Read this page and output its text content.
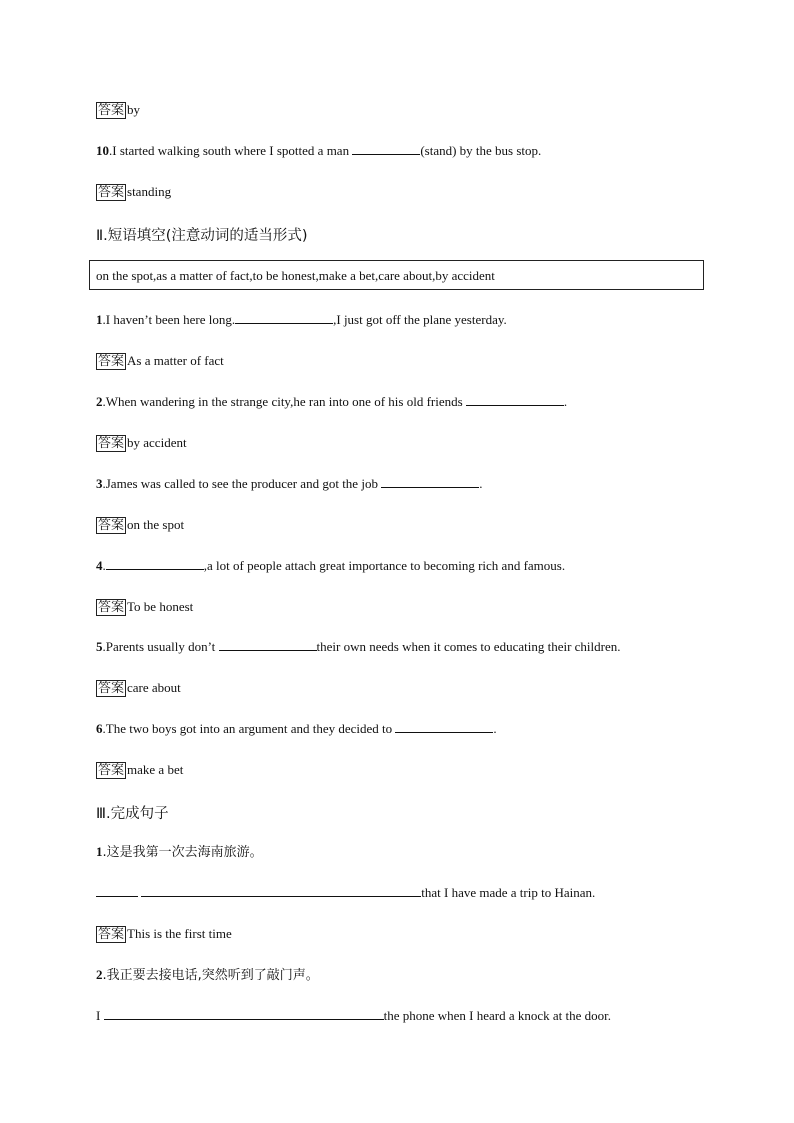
答案 by
10.I started walking south where I spotted a man	(stand) by the bus stop.
答案 standing
Ⅱ.短语填空(注意动词的适当形式)
on the spot,as a matter of fact,to be honest,make a bet,care about,by accident
1.I haven’t been here long.	,I just got off the plane yesterday.
答案 As a matter of fact
2.When wandering in the strange city,he ran into one of his old friends	.
答案 by accident
3.James was called to see the producer and got the job	.
答案 on the spot
4.	,a lot of people attach great importance to becoming rich and famous.
答案 To be honest
5.Parents usually don’t	their own needs when it comes to educating their children.
答案 care about
6.The two boys got into an argument and they decided to	.
答案 make a bet
Ⅲ.完成句子
1.这是我第一次去海南旅游。
that I have made a trip to Hainan.
答案 This is the first time
2.我正要去接电话,突然听到了敲门声。
I	the phone when I heard a knock at the door.
